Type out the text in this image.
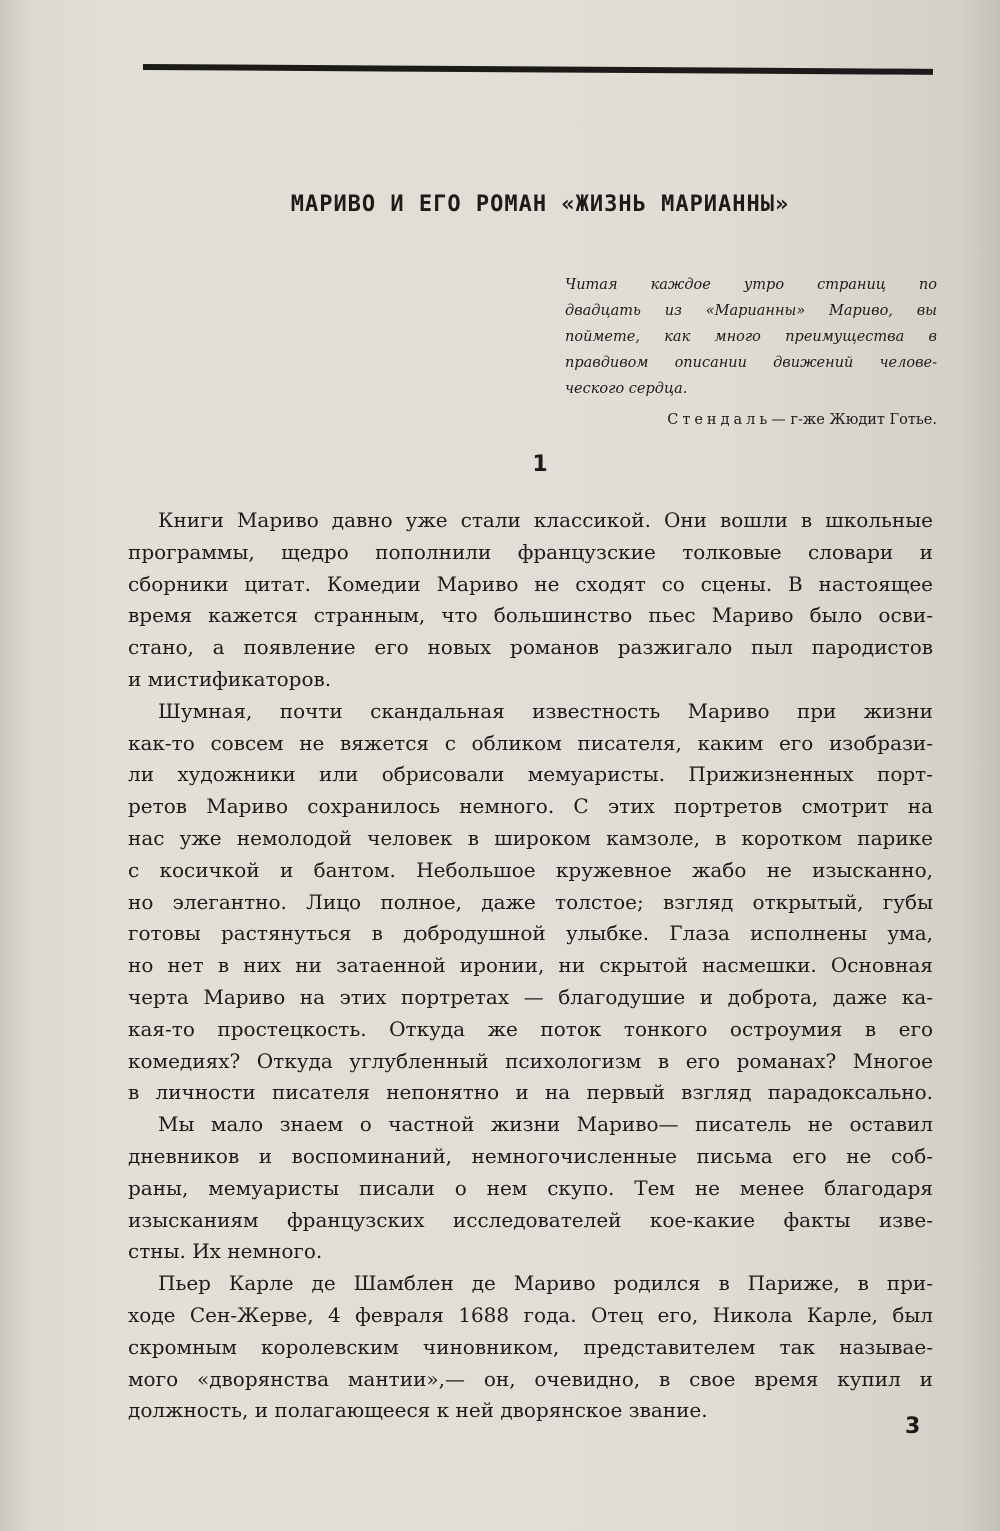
МАРИВО И ЕГО РОМАН «ЖИЗНЬ МАРИАННЫ»
Читая каждое утро страниц по
двадцать из «Марианны» Мариво, вы
поймете, как много преимущества в
правдивом описании движений челове-
ческого сердца.
Стендаль— г-же Жюдит Готье.
1
Книги Мариво давно уже стали классикой. Они вошли в школьные
программы, щедро пополнили французские толковые словари и
сборники цитат. Комедии Мариво не сходят со сцены. В настоящее
время кажется странным, что большинство пьес Мариво было осви-
стано, а появление его новых романов разжигало пыл пародистов
и мистификаторов.
Шумная, почти скандальная известность Мариво при жизни
как-то совсем не вяжется с обликом писателя, каким его изобрази-
ли художники или обрисовали мемуаристы. Прижизненных порт-
ретов Мариво сохранилось немного. С этих портретов смотрит на
нас уже немолодой человек в широком камзоле, в коротком парике
с косичкой и бантом. Небольшое кружевное жабо не изысканно,
но элегантно. Лицо полное, даже толстое; взгляд открытый, губы
готовы растянуться в добродушной улыбке. Глаза исполнены ума,
но нет в них ни затаенной иронии, ни скрытой насмешки. Основная
черта Мариво на этих портретах — благодушие и доброта, даже ка-
кая-то простецкость. Откуда же поток тонкого остроумия в его
комедиях? Откуда углубленный психологизм в его романах? Многое
в личности писателя непонятно и на первый взгляд парадоксально.
Мы мало знаем о частной жизни Мариво— писатель не оставил
дневников и воспоминаний, немногочисленные письма его не соб-
раны, мемуаристы писали о нем скупо. Тем не менее благодаря
изысканиям французских исследователей кое-какие факты изве-
стны. Их немного.
Пьер Карле де Шамблен де Мариво родился в Париже, в при-
ходе Сен-Жерве, 4 февраля 1688 года. Отец его, Никола Карле, был
скромным королевским чиновником, представителем так называе-
мого «дворянства мантии»,— он, очевидно, в свое время купил и
должность, и полагающееся к ней дворянское звание.
3
